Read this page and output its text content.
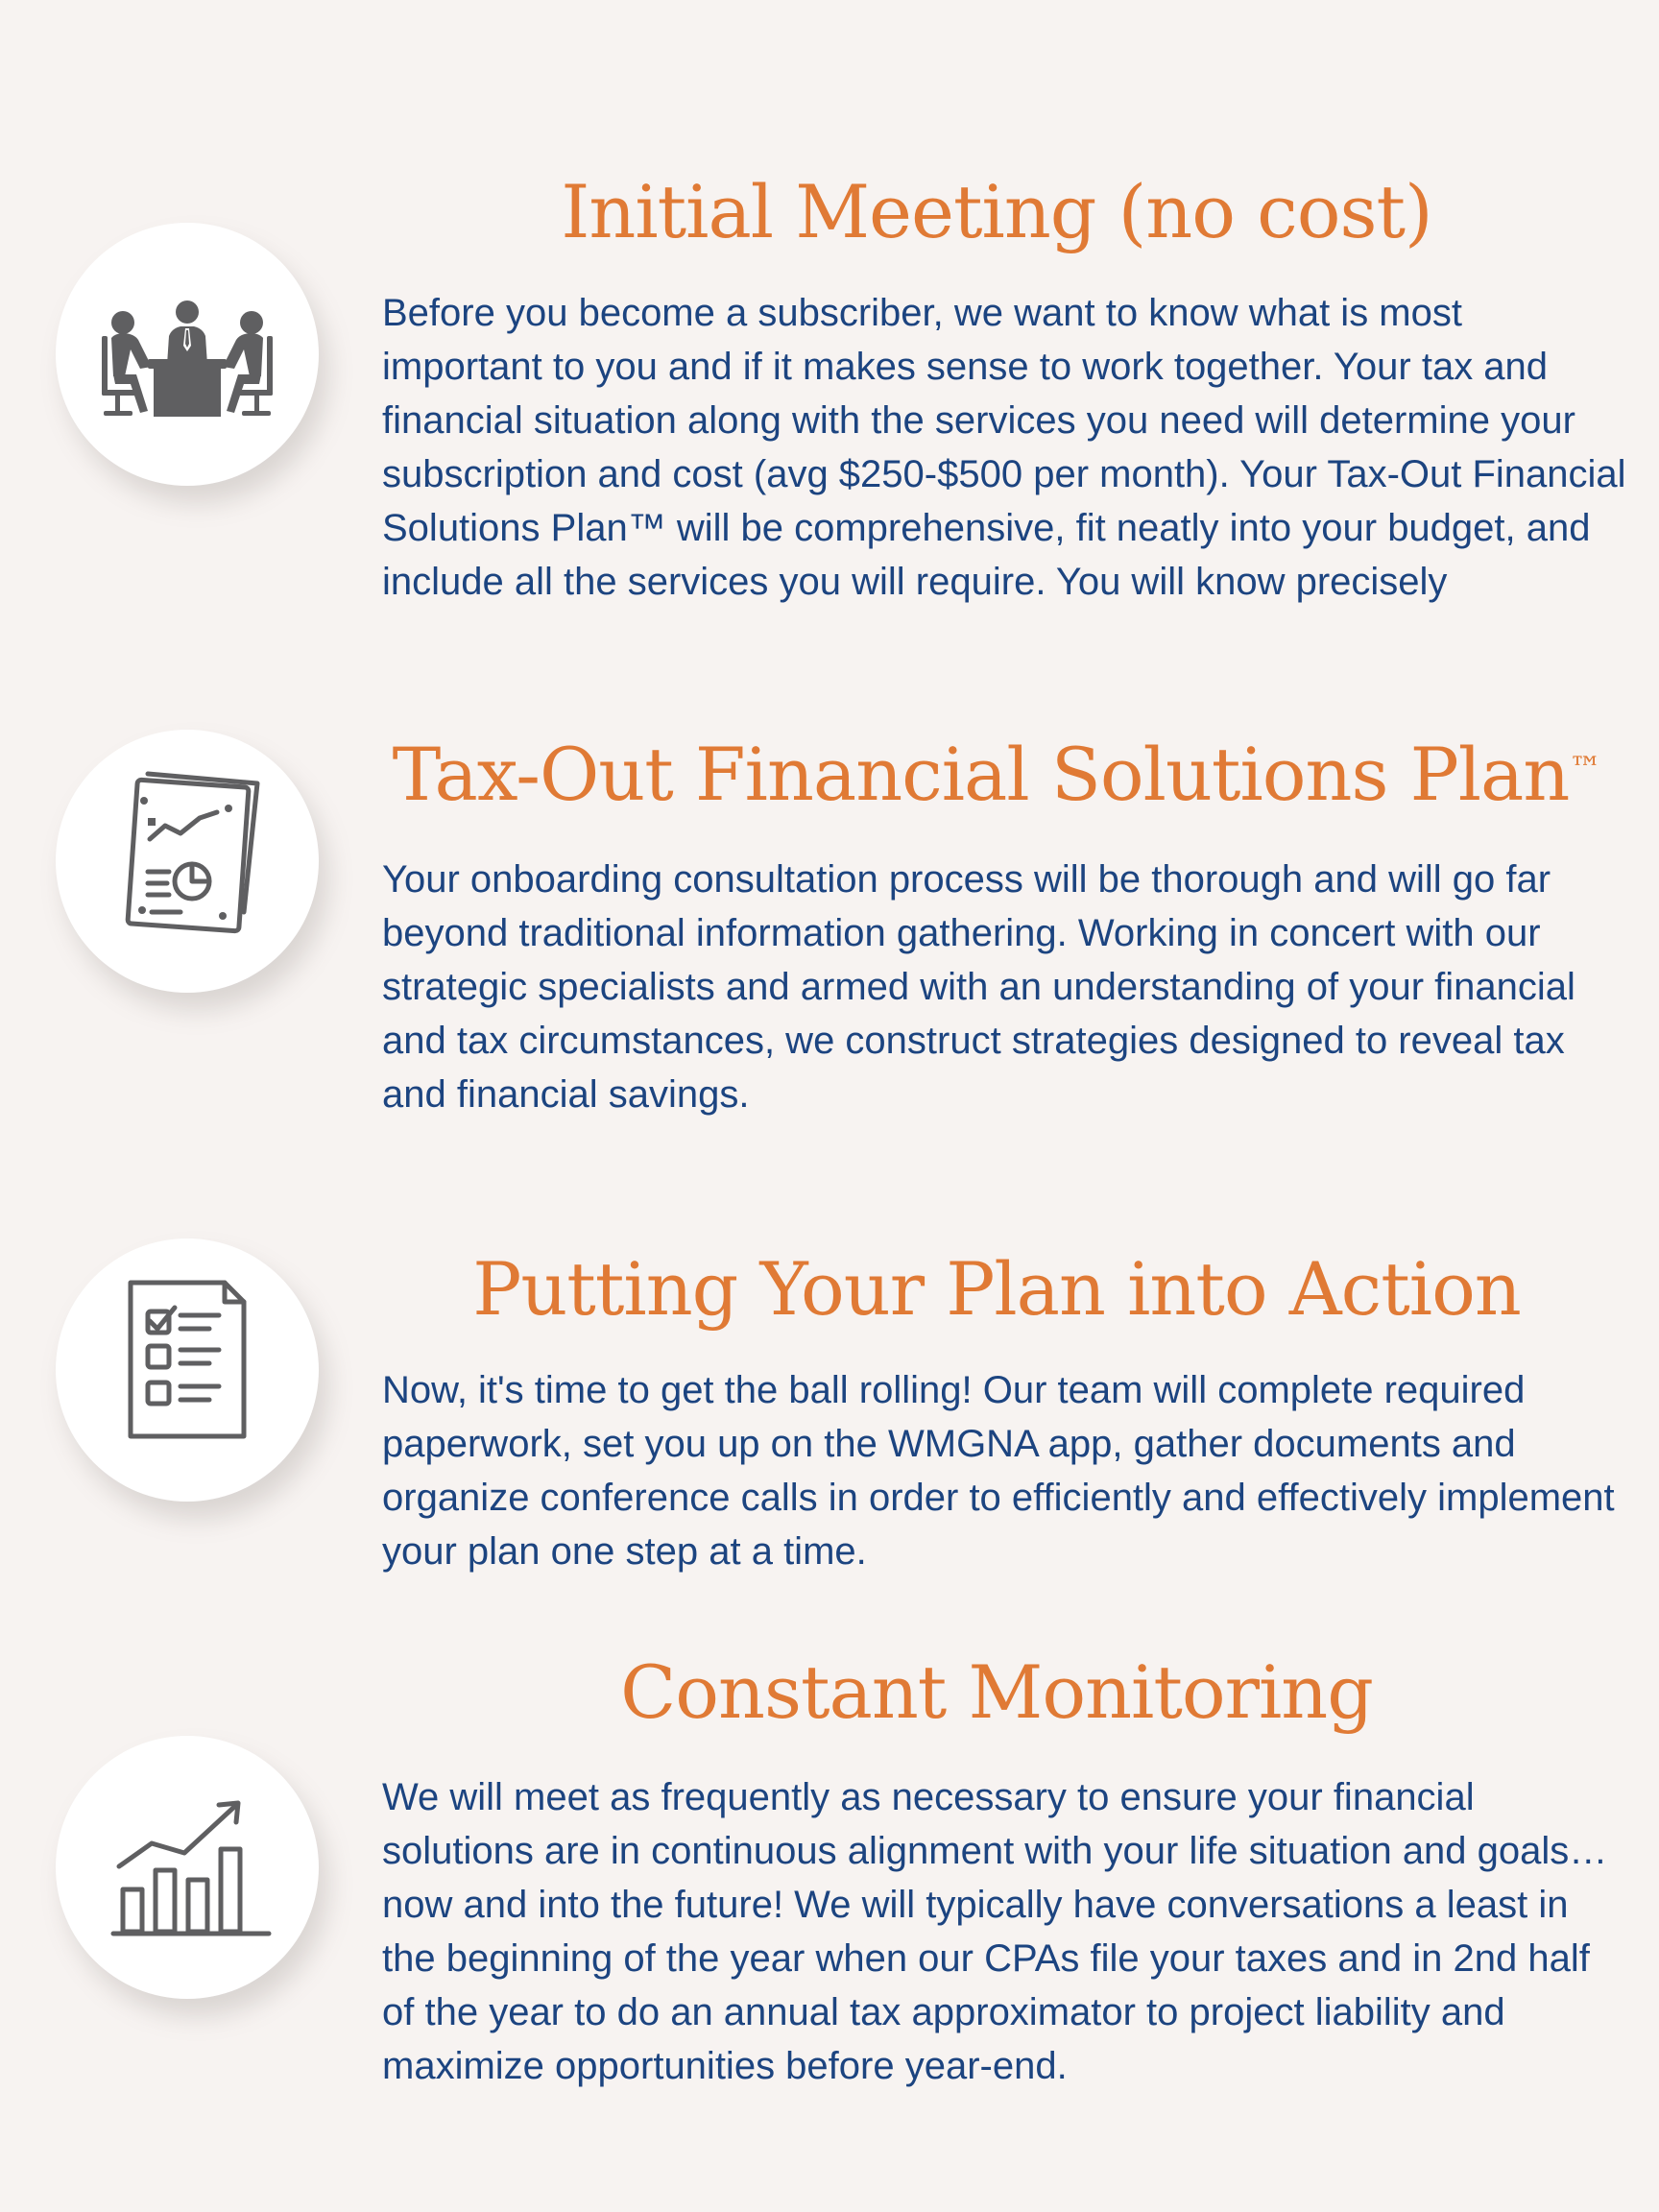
Initial Meeting (no cost)

Before you become a subscriber, we want to know what is most important to you and if it makes sense to work together. Your tax and financial situation along with the services you need will determine your subscription and cost (avg $250-$500 per month). Your Tax-Out Financial Solutions Plan™ will be comprehensive, fit neatly into your budget, and include all the services you will require. You will know precisely

Tax-Out Financial Solutions Plan™

Your onboarding consultation process will be thorough and will go far beyond traditional information gathering. Working in concert with our strategic specialists and armed with an understanding of your financial and tax circumstances, we construct strategies designed to reveal tax and financial savings.

Putting Your Plan into Action

Now, it's time to get the ball rolling! Our team will complete required paperwork, set you up on the WMGNA app, gather documents and organize conference calls in order to efficiently and effectively implement your plan one step at a time.

Constant Monitoring

We will meet as frequently as necessary to ensure your financial solutions are in continuous alignment with your life situation and goals…now and into the future! We will typically have conversations a least in the beginning of the year when our CPAs file your taxes and in 2nd half of the year to do an annual tax approximator to project liability and maximize opportunities before year-end.
